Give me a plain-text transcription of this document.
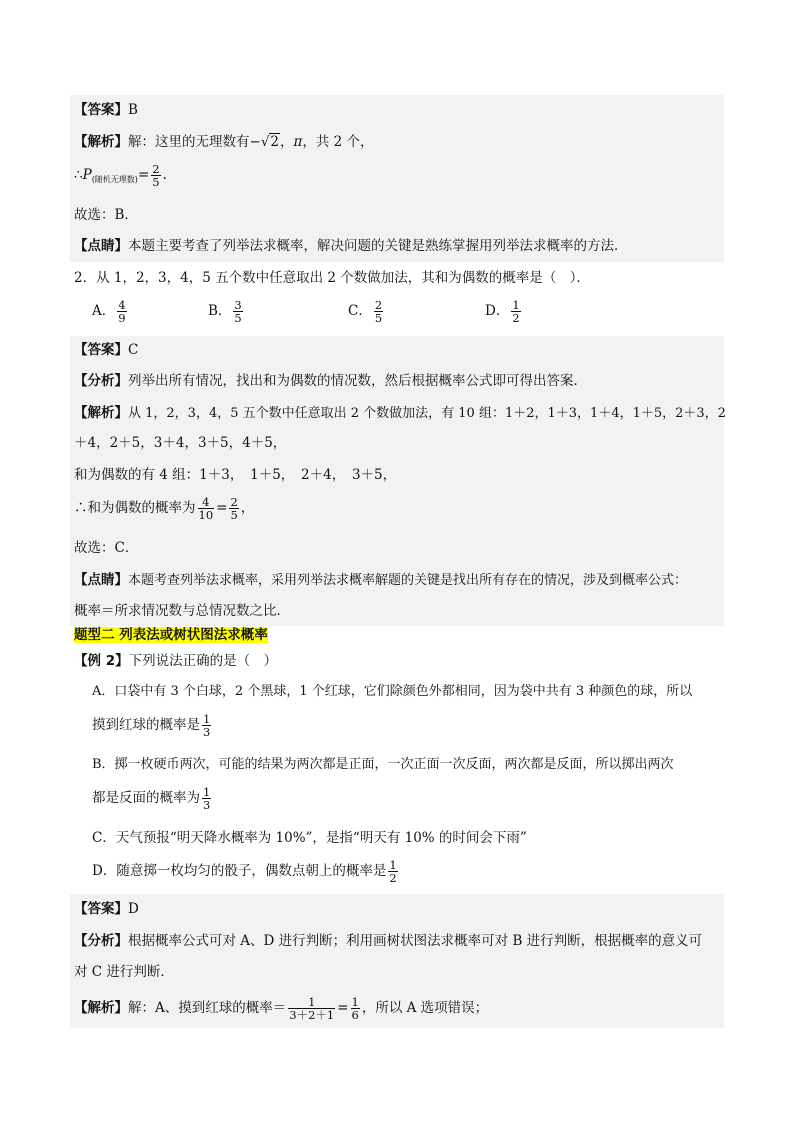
【答案】B
【解析】解：这里的无理数有−√2，π，共 2 个，
$\therefore P_{(随机无理数)}= \frac{2}{5}$ .
故选：B．
【点睛】本题主要考查了列举法求概率，解决问题的关键是熟练掌握用列举法求概率的方法．
2．从 1，2，3，4，5 五个数中任意取出 2 个数做加法，其和为偶数的概率是（　）．
A． $\frac{4}{9}$	B． $\frac{3}{5}$	C． $\frac{2}{5}$	D． $\frac{1}{2}$
【答案】C
【分析】列举出所有情况，找出和为偶数的情况数，然后根据概率公式即可得出答案．
【解析】从 1，2，3，4，5 五个数中任意取出 2 个数做加法，有 10 组：1＋2，1＋3，1＋4，1＋5，2＋3，2
＋4，2＋5，3＋4，3＋5，4＋5，
和为偶数的有 4 组：1＋3，　1＋5，　2＋4，　3＋5，
∴和为偶数的概率为 $\frac{4}{10} = \frac{2}{5}$ ，
故选：C．
【点睛】本题考查列举法求概率，采用列举法求概率解题的关键是找出所有存在的情况，涉及到概率公式：
概率＝所求情况数与总情况数之比．
题型二 列表法或树状图法求概率
【例 2】下列说法正确的是（　）
A．口袋中有 3 个白球，2 个黑球，1 个红球，它们除颜色外都相同，因为袋中共有 3 种颜色的球，所以
摸到红球的概率是 $\frac{1}{3}$
B．掷一枚硬币两次，可能的结果为两次都是正面，一次正面一次反面，两次都是反面，所以掷出两次
都是反面的概率为 $\frac{1}{3}$
C．天气预报“明天降水概率为 10%”，是指“明天有 10% 的时间会下雨”
D．随意掷一枚均匀的骰子，偶数点朝上的概率是 $\frac{1}{2}$
【答案】D
【分析】根据概率公式可对 A、D 进行判断；利用画树状图法求概率可对 B 进行判断，根据概率的意义可
对 C 进行判断．
【解析】解：A、摸到红球的概率＝ $\frac{1}{3+2+1} = \frac{1}{6}$ ，所以 A 选项错误；
